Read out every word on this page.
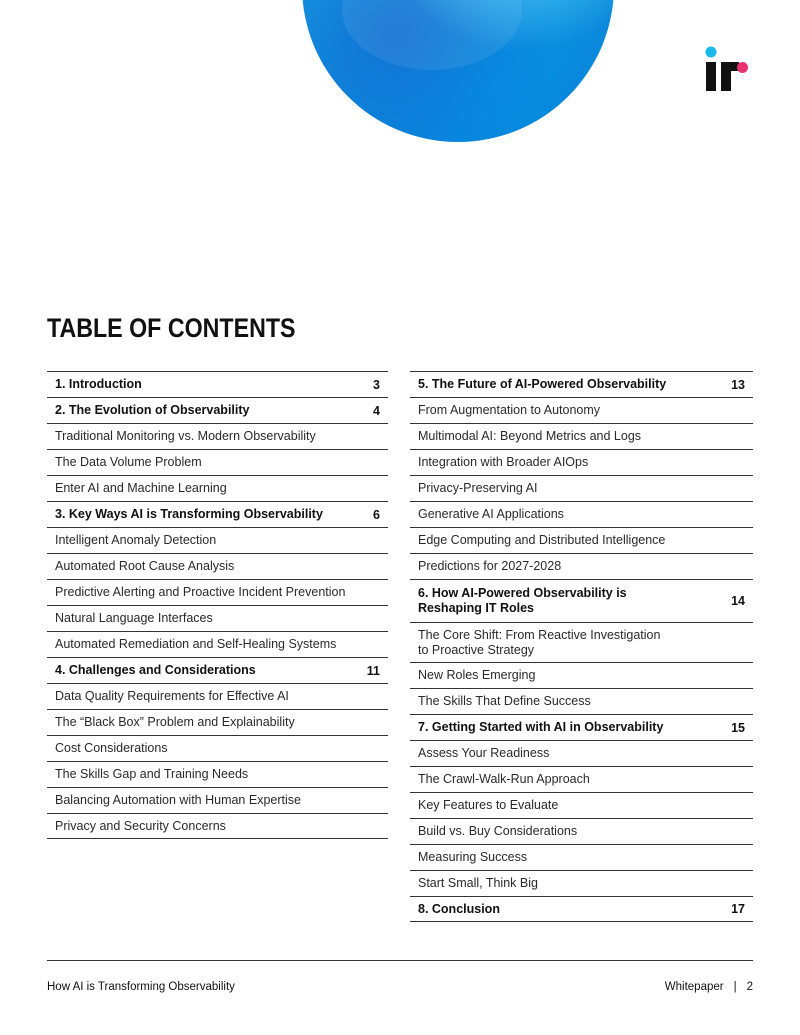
TABLE OF CONTENTS
1. Introduction	3
2. The Evolution of Observability	4
Traditional Monitoring vs. Modern Observability
The Data Volume Problem
Enter AI and Machine Learning
3. Key Ways AI is Transforming Observability	6
Intelligent Anomaly Detection
Automated Root Cause Analysis
Predictive Alerting and Proactive Incident Prevention
Natural Language Interfaces
Automated Remediation and Self-Healing Systems
4. Challenges and Considerations	11
Data Quality Requirements for Effective AI
The “Black Box” Problem and Explainability
Cost Considerations
The Skills Gap and Training Needs
Balancing Automation with Human Expertise
Privacy and Security Concerns
5. The Future of AI-Powered Observability	13
From Augmentation to Autonomy
Multimodal AI: Beyond Metrics and Logs
Integration with Broader AIOps
Privacy-Preserving AI
Generative AI Applications
Edge Computing and Distributed Intelligence
Predictions for 2027-2028
6. How AI-Powered Observability is Reshaping IT Roles	14
The Core Shift: From Reactive Investigation to Proactive Strategy
New Roles Emerging
The Skills That Define Success
7. Getting Started with AI in Observability	15
Assess Your Readiness
The Crawl-Walk-Run Approach
Key Features to Evaluate
Build vs. Buy Considerations
Measuring Success
Start Small, Think Big
8. Conclusion	17
How AI is Transforming Observability	Whitepaper | 2
